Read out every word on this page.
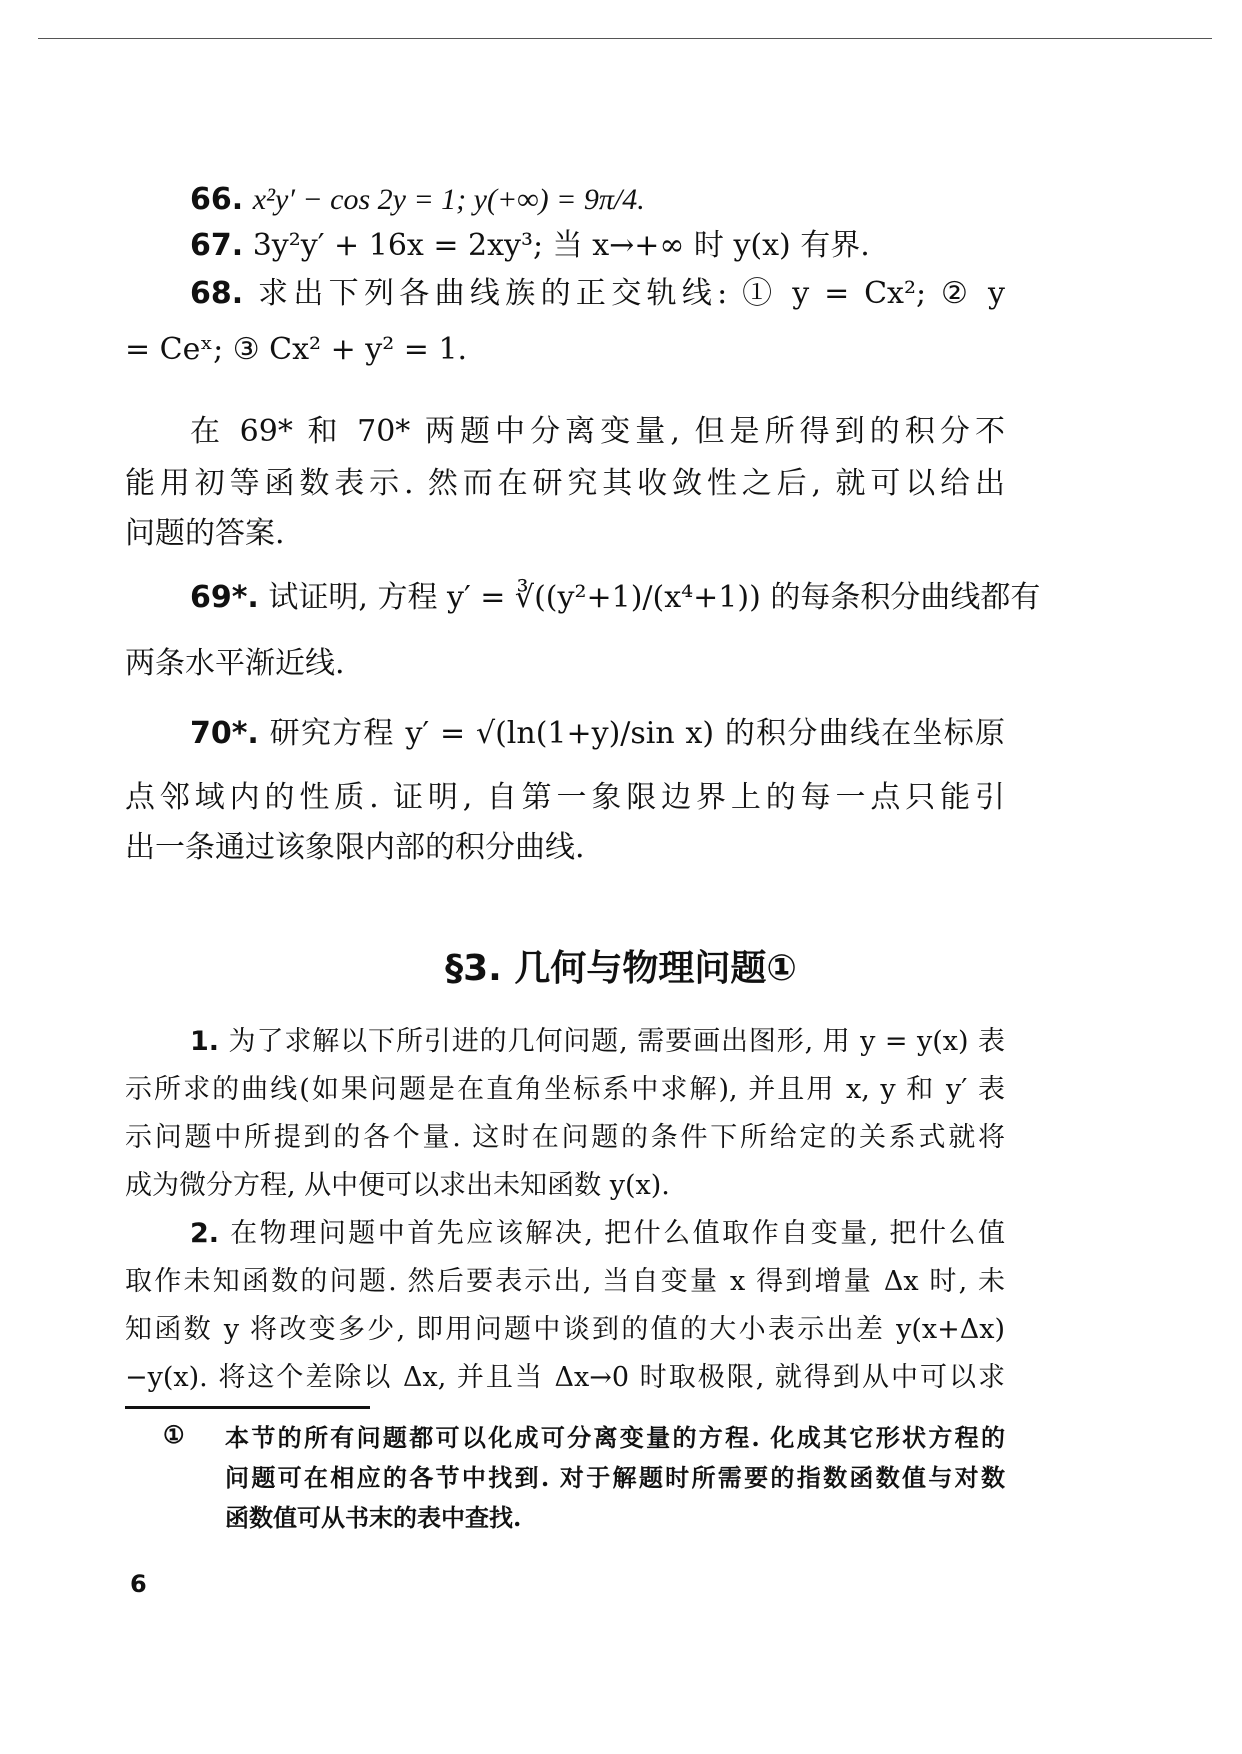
66. x²y′ − cos 2y = 1; y(+∞) = 9π/4.
67. 3y²y′ + 16x = 2xy³; 当 x→+∞ 时 y(x) 有界.
68. 求出下列各曲线族的正交轨线: ① y = Cx²; ② y
= Ceˣ; ③ Cx² + y² = 1.
在 69* 和 70* 两题中分离变量, 但是所得到的积分不
能用初等函数表示. 然而在研究其收敛性之后, 就可以给出
问题的答案.
69*. 试证明, 方程 y′ = ∛((y²+1)/(x⁴+1)) 的每条积分曲线都有
两条水平渐近线.
70*. 研究方程 y′ = √(ln(1+y)/sin x) 的积分曲线在坐标原
点邻域内的性质. 证明, 自第一象限边界上的每一点只能引
出一条通过该象限内部的积分曲线.
§3. 几何与物理问题①
1. 为了求解以下所引进的几何问题, 需要画出图形, 用 y = y(x) 表
示所求的曲线(如果问题是在直角坐标系中求解), 并且用 x, y 和 y′ 表
示问题中所提到的各个量. 这时在问题的条件下所给定的关系式就将
成为微分方程, 从中便可以求出未知函数 y(x).
2. 在物理问题中首先应该解决, 把什么值取作自变量, 把什么值
取作未知函数的问题. 然后要表示出, 当自变量 x 得到增量 Δx 时, 未
知函数 y 将改变多少, 即用问题中谈到的值的大小表示出差 y(x+Δx)
−y(x). 将这个差除以 Δx, 并且当 Δx→0 时取极限, 就得到从中可以求
① 本节的所有问题都可以化成可分离变量的方程. 化成其它形状方程的
问题可在相应的各节中找到. 对于解题时所需要的指数函数值与对数
函数值可从书末的表中查找.
6
